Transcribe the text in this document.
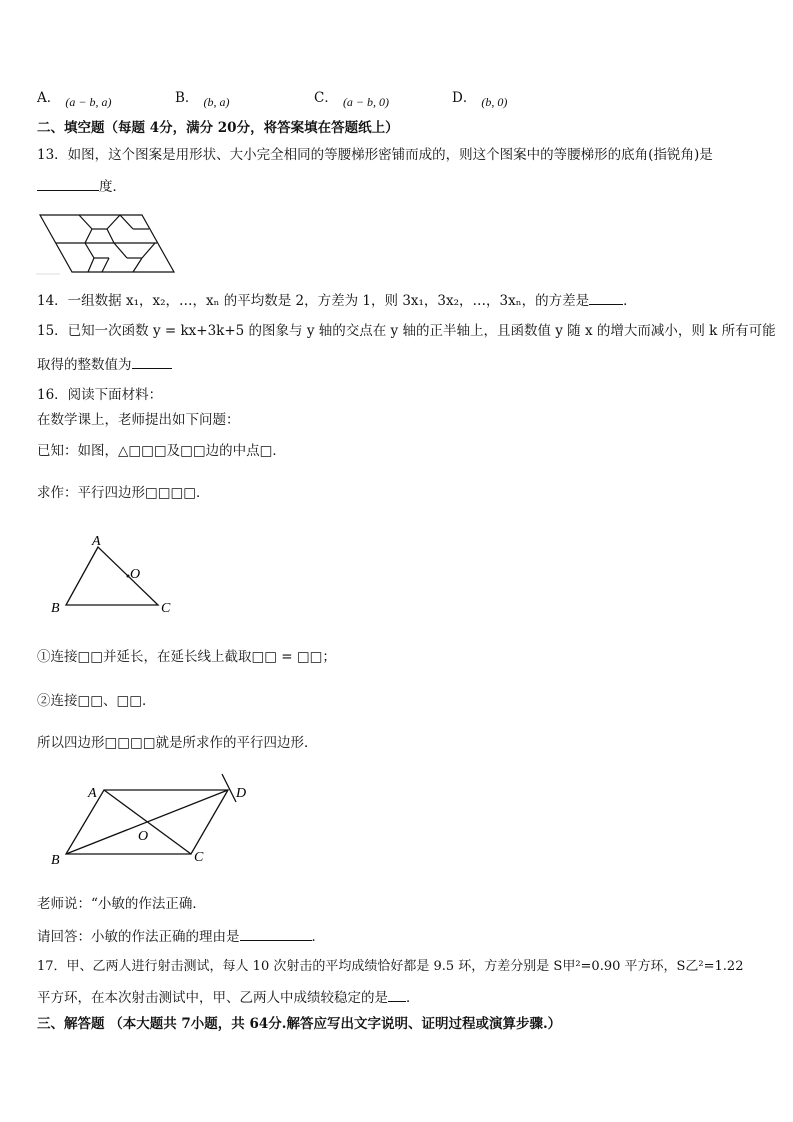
A． $_{(a - b, a)}$	B． $_{(b, a)}$	C． $_{(a - b, 0)}$	D． $_{(b, 0)}$
二、填空题（每题 4分，满分 20分，将答案填在答题纸上）
13．如图，这个图案是用形状、大小完全相同的等腰梯形密铺而成的，则这个图案中的等腰梯形的底角(指锐角)是
度．
14．一组数据 x₁，x₂，…，xₙ 的平均数是 2，方差为 1，则 3x₁，3x₂，…，3xₙ，的方差是	．
15．已知一次函数 y = kx+3k+5 的图象与 y 轴的交点在 y 轴的正半轴上，且函数值 y 随 x 的增大而减小，则 k 所有可能
取得的整数值为
16．阅读下面材料：
在数学课上，老师提出如下问题：
已知：如图，△□□□及□□边的中点□．
求作：平行四边形□□□□．
A
B	C
O
①连接□□并延长，在延长线上截取□□ = □□；
②连接□□、□□．
所以四边形□□□□就是所求作的平行四边形．
A
B	C
D
O
老师说：“小敏的作法正确．
请回答：小敏的作法正确的理由是	．
17．甲、乙两人进行射击测试，每人 10 次射击的平均成绩恰好都是 9.5 环，方差分别是 S甲²=0.90 平方环，S乙²=1.22
平方环，在本次射击测试中，甲、乙两人中成绩较稳定的是 ．
三、解答题 （本大题共 7小题，共 64分.解答应写出文字说明、证明过程或演算步骤.）
